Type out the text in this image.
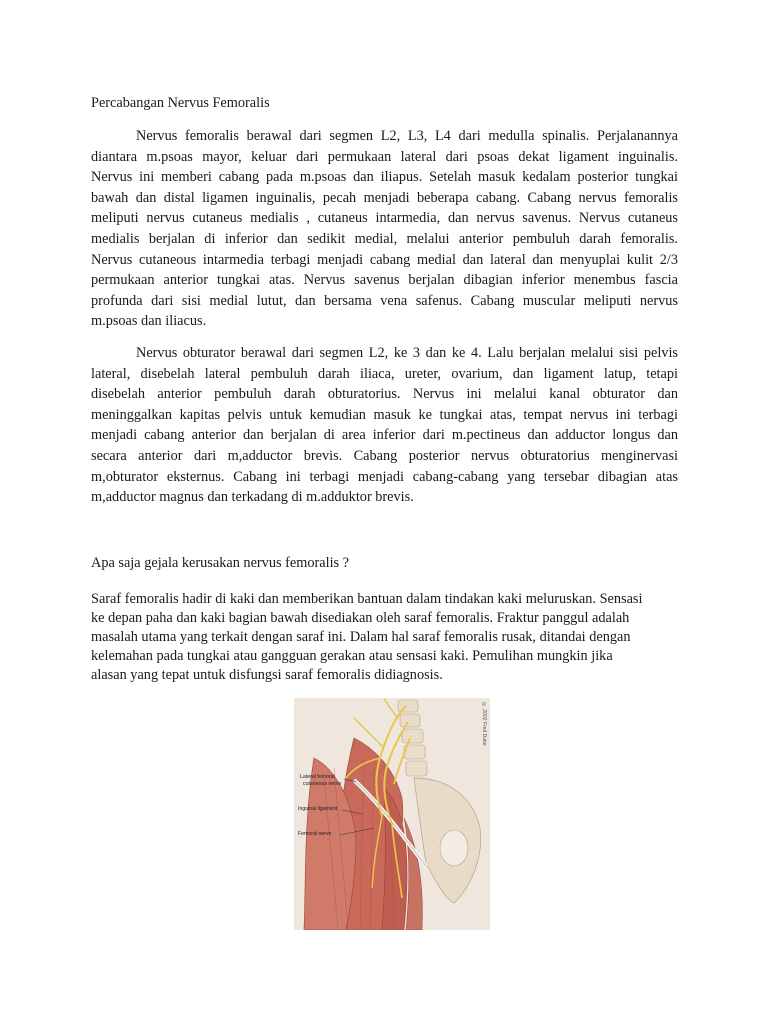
Percabangan Nervus Femoralis
Nervus femoralis berawal dari segmen L2, L3, L4 dari medulla spinalis. Perjalanannya
diantara m.psoas mayor, keluar dari permukaan lateral dari psoas dekat ligament inguinalis.
Nervus ini memberi cabang pada m.psoas dan iliapus. Setelah masuk kedalam posterior tungkai
bawah dan distal ligamen inguinalis, pecah menjadi beberapa cabang. Cabang nervus femoralis
meliputi nervus cutaneus medialis , cutaneus intarmedia, dan nervus savenus. Nervus cutaneus
medialis berjalan di inferior dan sedikit medial, melalui anterior pembuluh darah femoralis.
Nervus cutaneous intarmedia terbagi menjadi cabang medial dan lateral dan menyuplai kulit 2/3
permukaan anterior tungkai atas. Nervus savenus berjalan dibagian inferior menembus fascia
profunda dari sisi medial lutut, dan bersama vena safenus. Cabang muscular meliputi nervus
m.psoas dan iliacus.
Nervus obturator berawal dari segmen L2, ke 3 dan ke 4. Lalu berjalan melalui sisi pelvis
lateral, disebelah lateral pembuluh darah iliaca, ureter, ovarium, dan ligament latup, tetapi
disebelah anterior pembuluh darah obturatorius. Nervus ini melalui kanal obturator dan
meninggalkan kapitas pelvis untuk kemudian masuk ke tungkai atas, tempat nervus ini terbagi
menjadi cabang anterior dan berjalan di area inferior dari m.pectineus dan adductor longus dan
secara anterior dari m,adductor brevis. Cabang posterior nervus obturatorius menginervasi
m,obturator eksternus. Cabang ini terbagi menjadi cabang-cabang yang tersebar dibagian atas
m,adductor magnus dan terkadang di m.adduktor brevis.
Apa saja gejala kerusakan nervus femoralis ?
Saraf femoralis hadir di kaki dan memberikan bantuan dalam tindakan kaki meluruskan. Sensasi
ke depan paha dan kaki bagian bawah disediakan oleh saraf femoralis. Fraktur panggul adalah
masalah utama yang terkait dengan saraf ini. Dalam hal saraf femoralis rusak, ditandai dengan
kelemahan pada tungkai atau gangguan gerakan atau sensasi kaki. Pemulihan mungkin jika
alasan yang tepat untuk disfungsi saraf femoralis didiagnosis.
© 2002 Fred Dube
Lateral femoral
cutaneous nerve
Inguinal ligament
Femoral nerve
